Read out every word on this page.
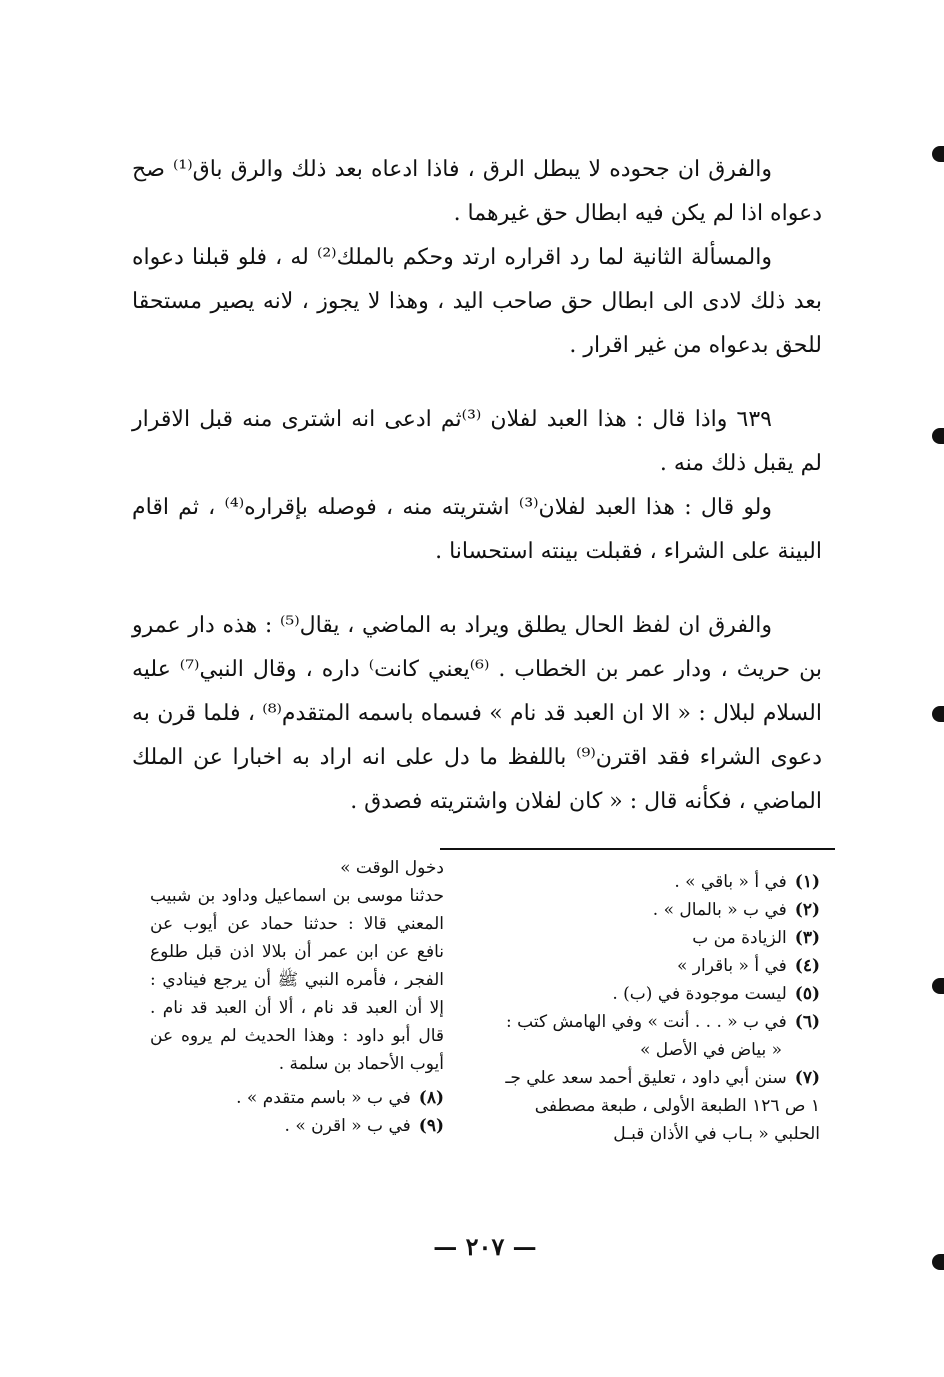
والفرق ان جحوده لا يبطل الرق ، فاذا ادعاه بعد ذلك والرق باق⁽¹⁾ صح دعواه اذا لم يكن فيه ابطال حق غيرهما .

والمسألة الثانية لما رد اقراره ارتد وحكم بالملك⁽²⁾ له ، فلو قبلنا دعواه بعد ذلك لادى الى ابطال حق صاحب اليد ، وهذا لا يجوز ، لانه يصير مستحقا للحق بدعواه من غير اقرار .

٦٣٩ واذا قال : هذا العبد لفلان ⁽³⁾ثم ادعى انه اشترى منه قبل الاقرار لم يقبل ذلك منه .

ولو قال : هذا العبد لفلان⁽³⁾ اشتريته منه ، فوصله بإقراره⁽⁴⁾ ، ثم اقام البينة على الشراء ، فقبلت بينته استحسانا .

والفرق ان لفظ الحال يطلق ويراد به الماضي ، يقال⁽⁵⁾ : هذه دار عمرو بن حريث ، ودار عمر بن الخطاب . ⁽⁶⁾يعني كانت⁾ داره ، وقال النبي⁽⁷⁾ عليه السلام لبلال : « الا ان العبد قد نام » فسماه باسمه المتقدم⁽⁸⁾ ، فلما قرن به دعوى الشراء فقد اقترن⁽⁹⁾ باللفظ ما دل على انه اراد به اخبارا عن الملك الماضي ، فكأنه قال : « كان لفلان واشتريته فصدق .

(١)في أ « باقي » .

(٢)في ب « بالمال » .

(٣)الزيادة من ب

(٤)في أ « باقرار »

(٥)ليست موجودة في (ب) .

(٦)في ب « . . . أنت » وفي الهامش كتب :

« بياض في الأصل »

(٧)سنن أبي داود ، تعليق أحمد سعد علي جـ ١ ص ١٢٦ الطبعة الأولى ، طبعة مصطفى الحلبي « بـاب في الأذان قبـل

دخول الوقت »

حدثنا موسى بن اسماعيل وداود بن شبيب المعني قالا : حدثنا حماد عن أيوب عن نافع عن ابن عمر أن بلالا اذن قبل طلوع الفجر ، فأمره النبي ﷺ أن يرجع فينادي : إلا أن العبد قد نام ، ألا أن العبد قد نام . قال أبو داود : وهذا الحديث لم يروه عن أيوب الأحماد بن سلمة .

(٨)في ب « باسم متقدم » .

(٩)في ب « اقرن » .

— ٢٠٧ —
